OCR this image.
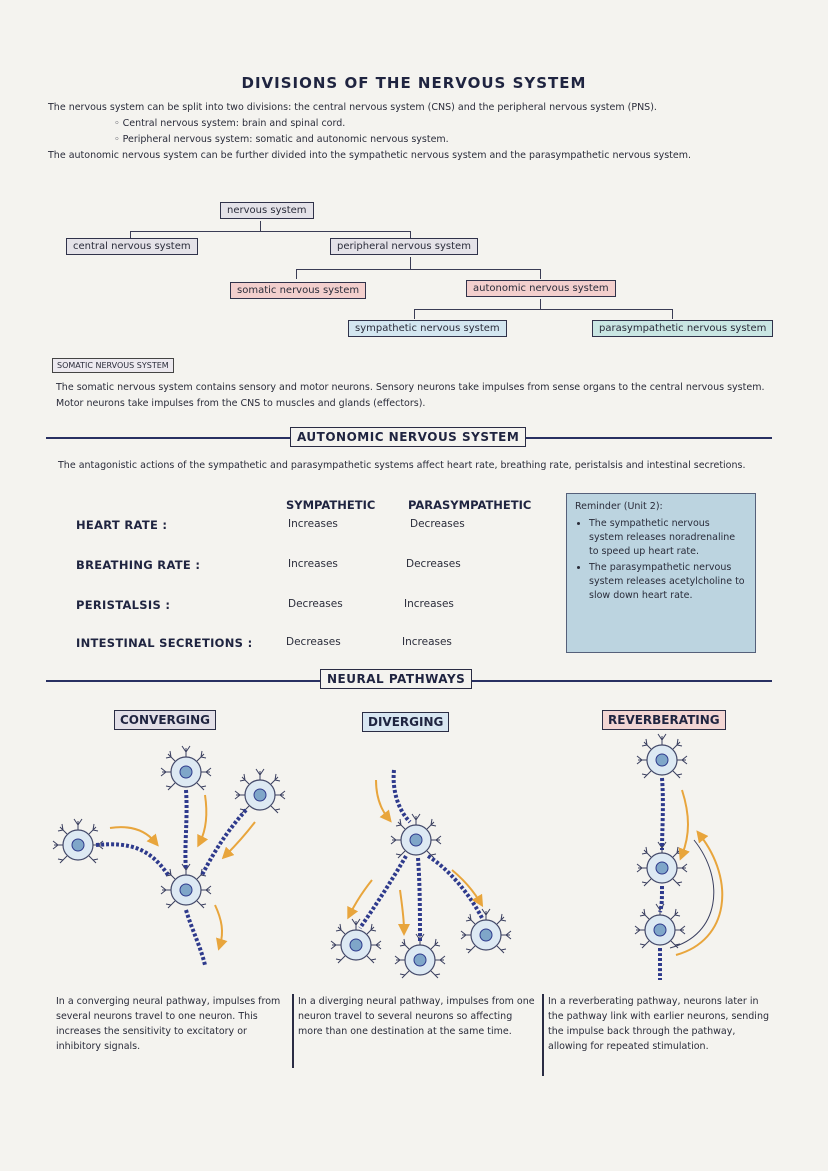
DIVISIONS OF THE NERVOUS SYSTEM
The nervous system can be split into two divisions: the central nervous system (CNS) and the peripheral nervous system (PNS).
◦ Central nervous system: brain and spinal cord.
◦ Peripheral nervous system: somatic and autonomic nervous system.
The autonomic nervous system can be further divided into the sympathetic nervous system and the parasympathetic nervous system.
nervous system
central nervous system	peripheral nervous system
somatic nervous system	autonomic nervous system
sympathetic nervous system	parasympathetic nervous system
SOMATIC NERVOUS SYSTEM
The somatic nervous system contains sensory and motor neurons. Sensory neurons take impulses from sense organs to the central nervous system. Motor neurons take impulses from the CNS to muscles and glands (effectors).
AUTONOMIC NERVOUS SYSTEM
The antagonistic actions of the sympathetic and parasympathetic systems affect heart rate, breathing rate, peristalsis and intestinal secretions.
SYMPATHETIC	PARASYMPATHETIC
HEART RATE :	Increases	Decreases
BREATHING RATE :	Increases	Decreases
PERISTALSIS :	Decreases	Increases
INTESTINAL SECRETIONS :	Decreases	Increases
Reminder (Unit 2):
• The sympathetic nervous system releases noradrenaline to speed up heart rate.
• The parasympathetic nervous system releases acetylcholine to slow down heart rate.
NEURAL PATHWAYS
CONVERGING	DIVERGING	REVERBERATING
In a converging neural pathway, impulses from several neurons travel to one neuron. This increases the sensitivity to excitatory or inhibitory signals.
In a diverging neural pathway, impulses from one neuron travel to several neurons so affecting more than one destination at the same time.
In a reverberating pathway, neurons later in the pathway link with earlier neurons, sending the impulse back through the pathway, allowing for repeated stimulation.
